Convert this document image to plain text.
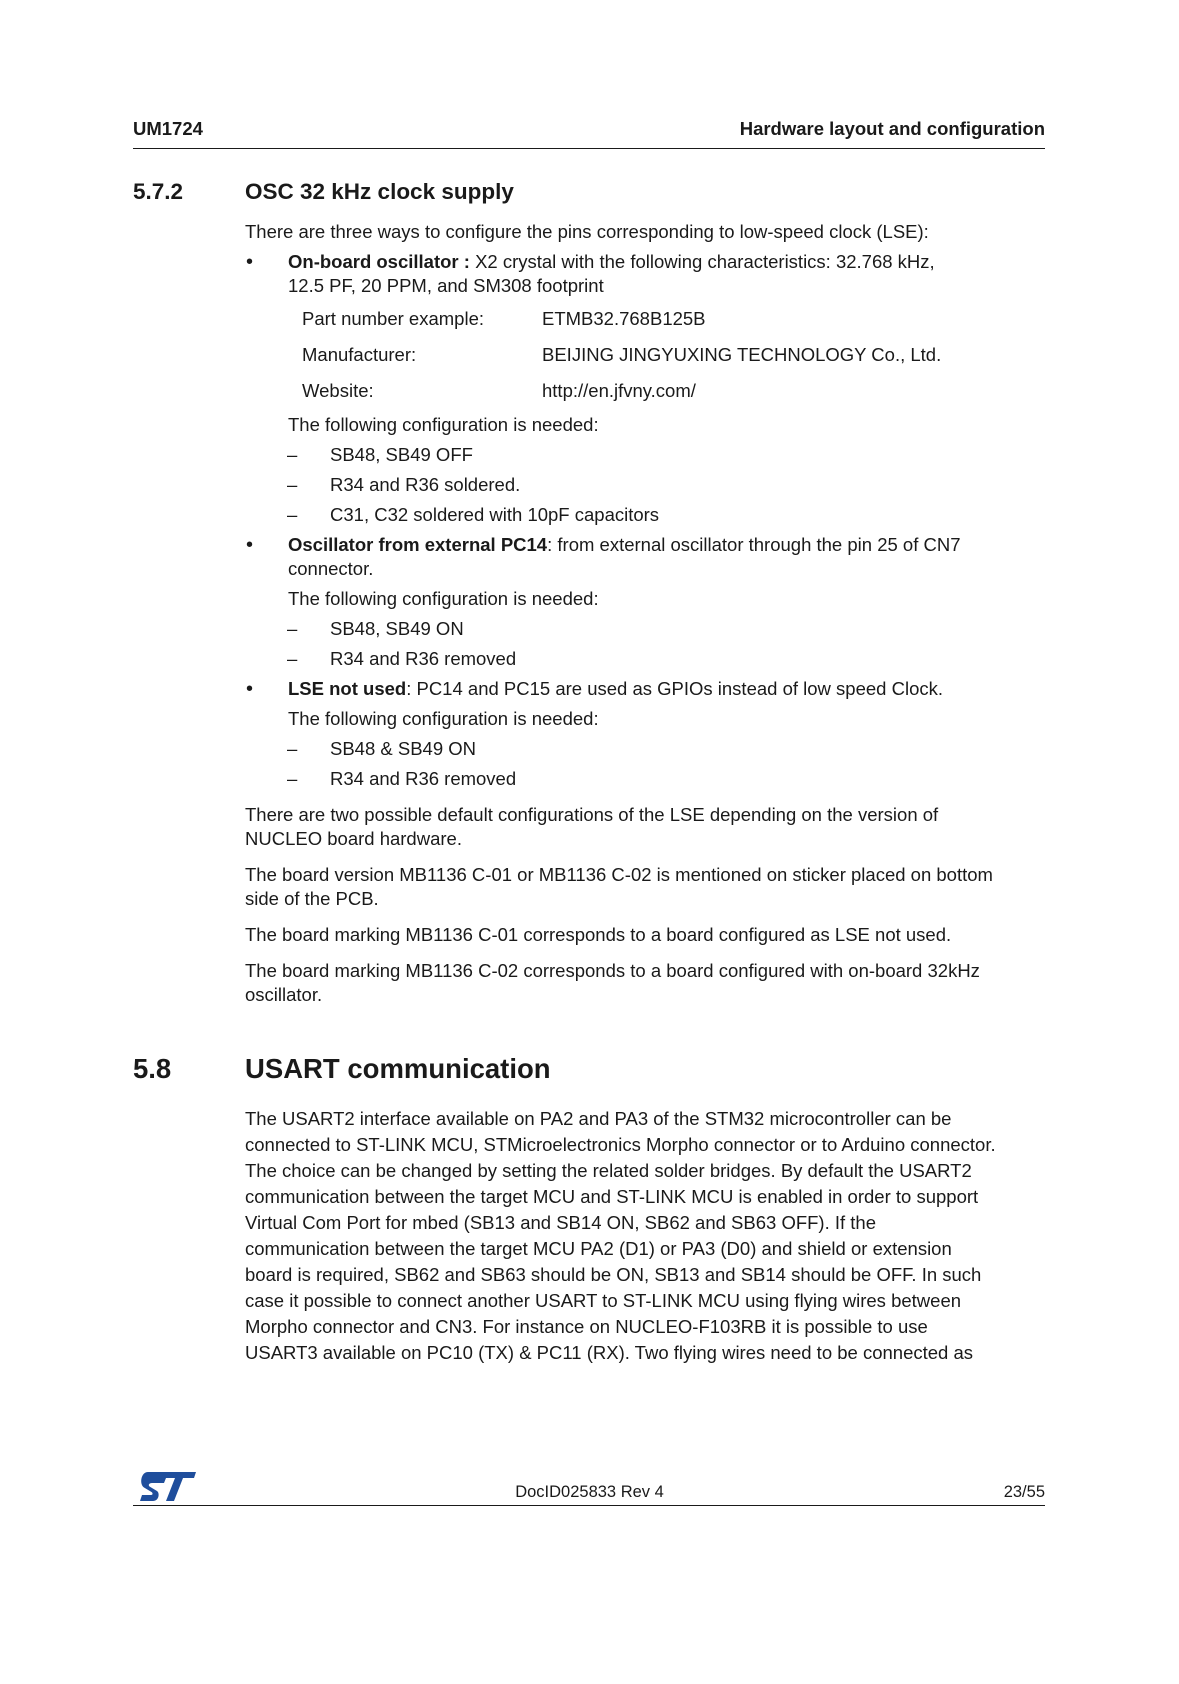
UM1724	Hardware layout and configuration
5.7.2	OSC 32 kHz clock supply
There are three ways to configure the pins corresponding to low-speed clock (LSE):
• On-board oscillator : X2 crystal with the following characteristics: 32.768 kHz,
12.5 PF, 20 PPM, and SM308 footprint
Part number example:	ETMB32.768B125B
Manufacturer:	BEIJING JINGYUXING TECHNOLOGY Co., Ltd.
Website:	http://en.jfvny.com/
The following configuration is needed:
– SB48, SB49 OFF
– R34 and R36 soldered.
– C31, C32 soldered with 10pF capacitors
• Oscillator from external PC14: from external oscillator through the pin 25 of CN7
connector.
The following configuration is needed:
– SB48, SB49 ON
– R34 and R36 removed
• LSE not used: PC14 and PC15 are used as GPIOs instead of low speed Clock.
The following configuration is needed:
– SB48 & SB49 ON
– R34 and R36 removed
There are two possible default configurations of the LSE depending on the version of
NUCLEO board hardware.
The board version MB1136 C-01 or MB1136 C-02 is mentioned on sticker placed on bottom
side of the PCB.
The board marking MB1136 C-01 corresponds to a board configured as LSE not used.
The board marking MB1136 C-02 corresponds to a board configured with on-board 32kHz
oscillator.
5.8	USART communication
The USART2 interface available on PA2 and PA3 of the STM32 microcontroller can be
connected to ST-LINK MCU, STMicroelectronics Morpho connector or to Arduino connector.
The choice can be changed by setting the related solder bridges. By default the USART2
communication between the target MCU and ST-LINK MCU is enabled in order to support
Virtual Com Port for mbed (SB13 and SB14 ON, SB62 and SB63 OFF). If the
communication between the target MCU PA2 (D1) or PA3 (D0) and shield or extension
board is required, SB62 and SB63 should be ON, SB13 and SB14 should be OFF. In such
case it possible to connect another USART to ST-LINK MCU using flying wires between
Morpho connector and CN3. For instance on NUCLEO-F103RB it is possible to use
USART3 available on PC10 (TX) & PC11 (RX). Two flying wires need to be connected as
DocID025833 Rev 4	23/55
